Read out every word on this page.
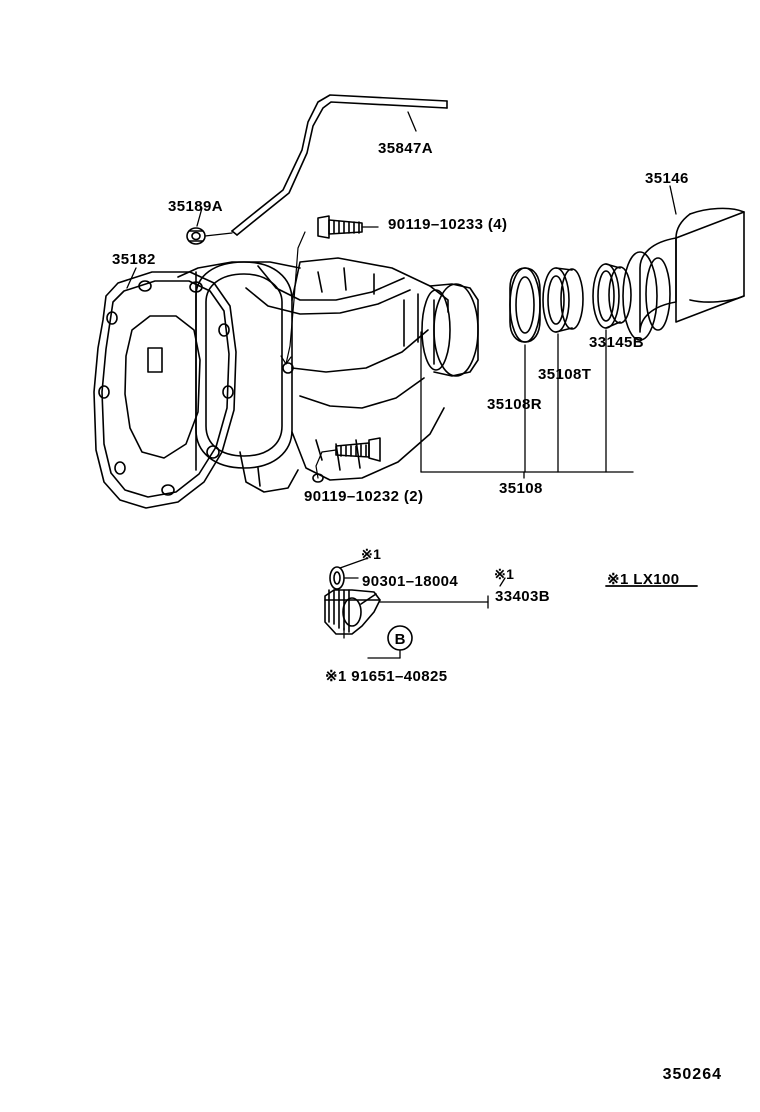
B
35847A
35146
35189A
90119–10233 (4)
35182
33145B
35108T
35108R
90119–10232 (2)	35108
※1
90301–18004	※1
33403B
※1 LX100
※1 91651–40825
350264
